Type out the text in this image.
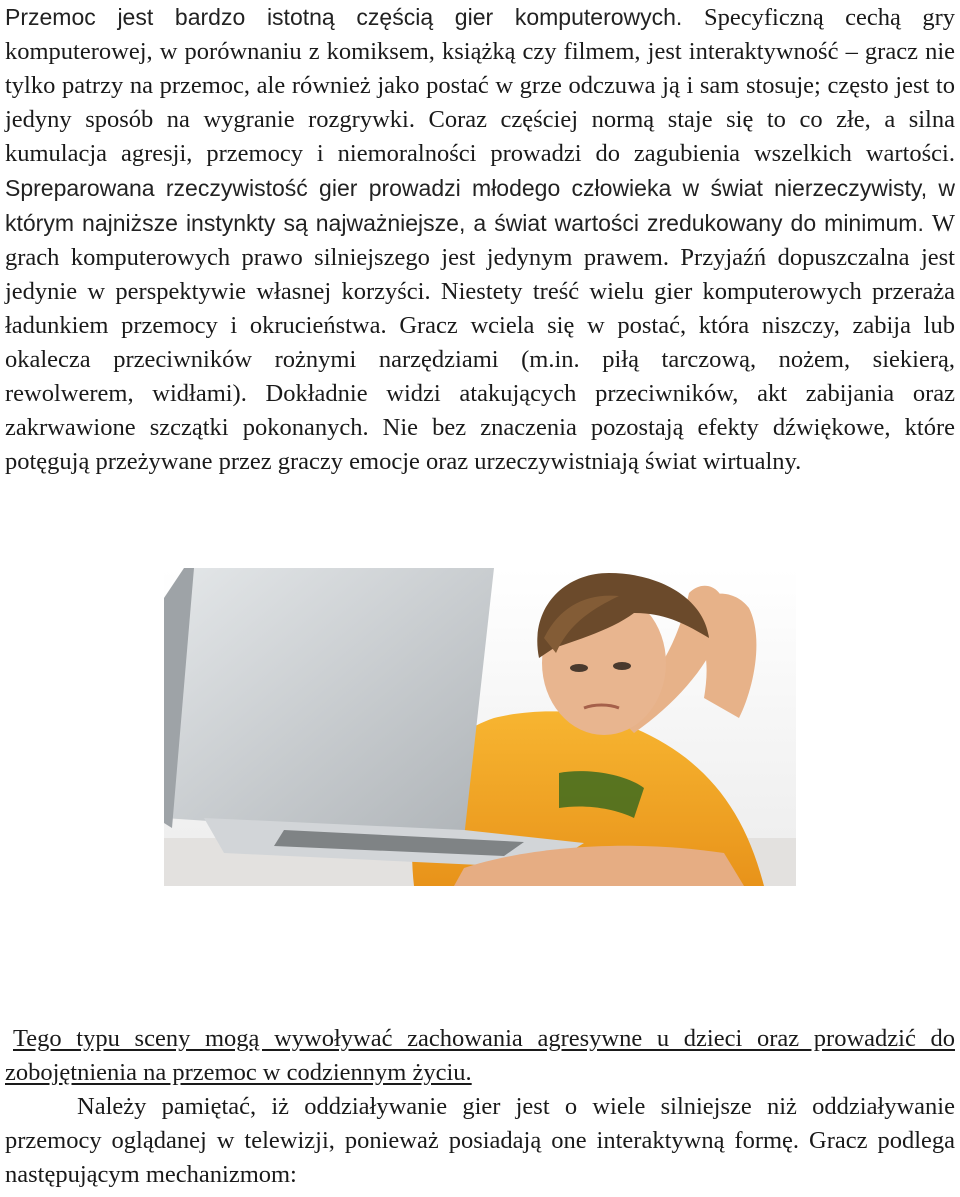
Przemoc jest bardzo istotną częścią gier komputerowych. Specyficzną cechą gry komputerowej, w porównaniu z komiksem, książką czy filmem, jest interaktywność – gracz nie tylko patrzy na przemoc, ale również jako postać w grze odczuwa ją i sam stosuje; często jest to jedyny sposób na wygranie rozgrywki. Coraz częściej normą staje się to co złe, a silna kumulacja agresji, przemocy i niemoralności prowadzi do zagubienia wszelkich wartości. Spreparowana rzeczywistość gier prowadzi młodego człowieka w świat nierzeczywisty, w którym najniższe instynkty są najważniejsze, a świat wartości zredukowany do minimum. W grach komputerowych prawo silniejszego jest jedynym prawem. Przyjaźń dopuszczalna jest jedynie w perspektywie własnej korzyści. Niestety treść wielu gier komputerowych przeraża ładunkiem przemocy i okrucieństwa. Gracz wciela się w postać, która niszczy, zabija lub okalecza przeciwników rożnymi narzędziami (m.in. piłą tarczową, nożem, siekierą, rewolwerem, widłami). Dokładnie widzi atakujących przeciwników, akt zabijania oraz zakrwawione szczątki pokonanych. Nie bez znaczenia pozostają efekty dźwiękowe, które potęgują przeżywane przez graczy emocje oraz urzeczywistniają świat wirtualny.

Tego typu sceny mogą wywoływać zachowania agresywne u dzieci oraz prowadzić do zobojętnienia na przemoc w codziennym życiu.

Należy pamiętać, iż oddziaływanie gier jest o wiele silniejsze niż oddziaływanie przemocy oglądanej w telewizji, ponieważ posiadają one interaktywną formę. Gracz podlega następującym mechanizmom:
